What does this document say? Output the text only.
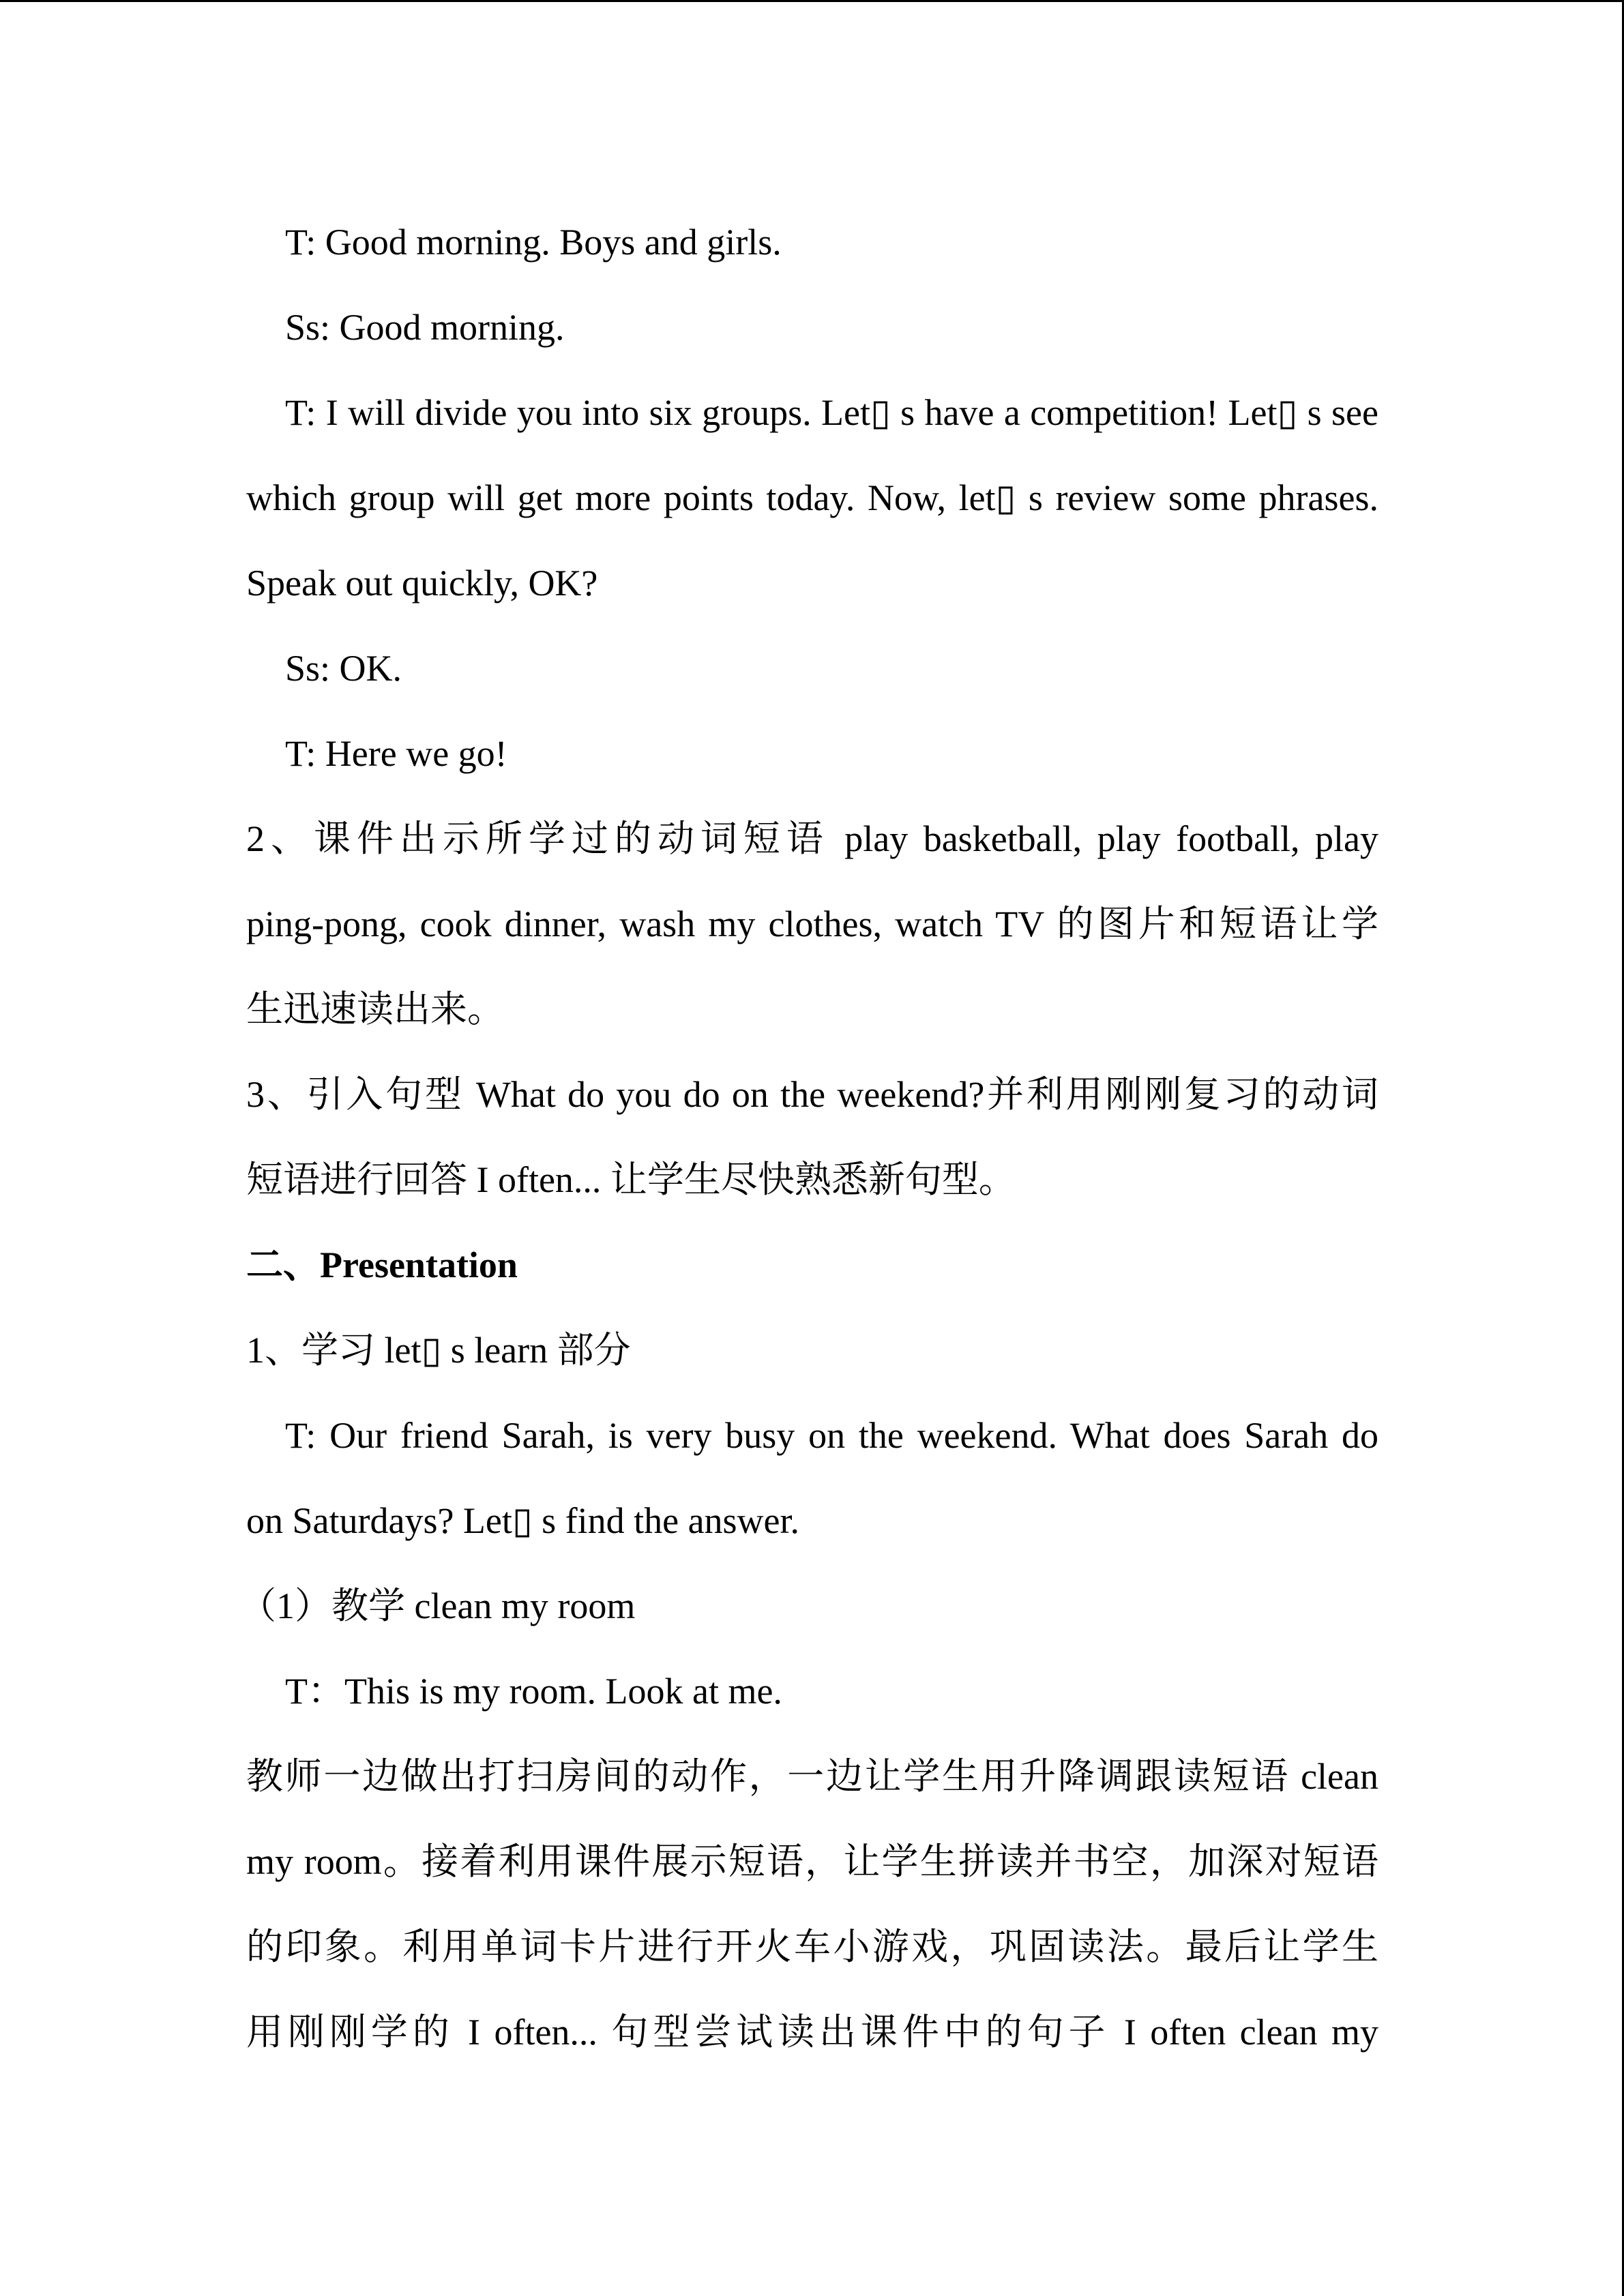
T: Good morning. Boys and girls.
Ss: Good morning.
T: I will divide you into six groups. Let▯ s have a competition! Let▯ s see
which group will get more points today. Now, let▯ s review some phrases.
Speak out quickly, OK?
Ss: OK.
T: Here we go!
2、课件出示所学过的动词短语 play basketball, play football, play
ping-pong, cook dinner, wash my clothes, watch TV 的图片和短语让学
生迅速读出来。
3、引入句型 What do you do on the weekend?并利用刚刚复习的动词
短语进行回答 I often... 让学生尽快熟悉新句型。
二、Presentation
1、学习 let▯ s learn 部分
T: Our friend Sarah, is very busy on the weekend. What does Sarah do
on Saturdays? Let▯ s find the answer.
（1）教学 clean my room
T：This is my room. Look at me.
教师一边做出打扫房间的动作，一边让学生用升降调跟读短语 clean
my room。接着利用课件展示短语，让学生拼读并书空，加深对短语
的印象。利用单词卡片进行开火车小游戏，巩固读法。最后让学生
用刚刚学的 I often... 句型尝试读出课件中的句子 I often clean my
